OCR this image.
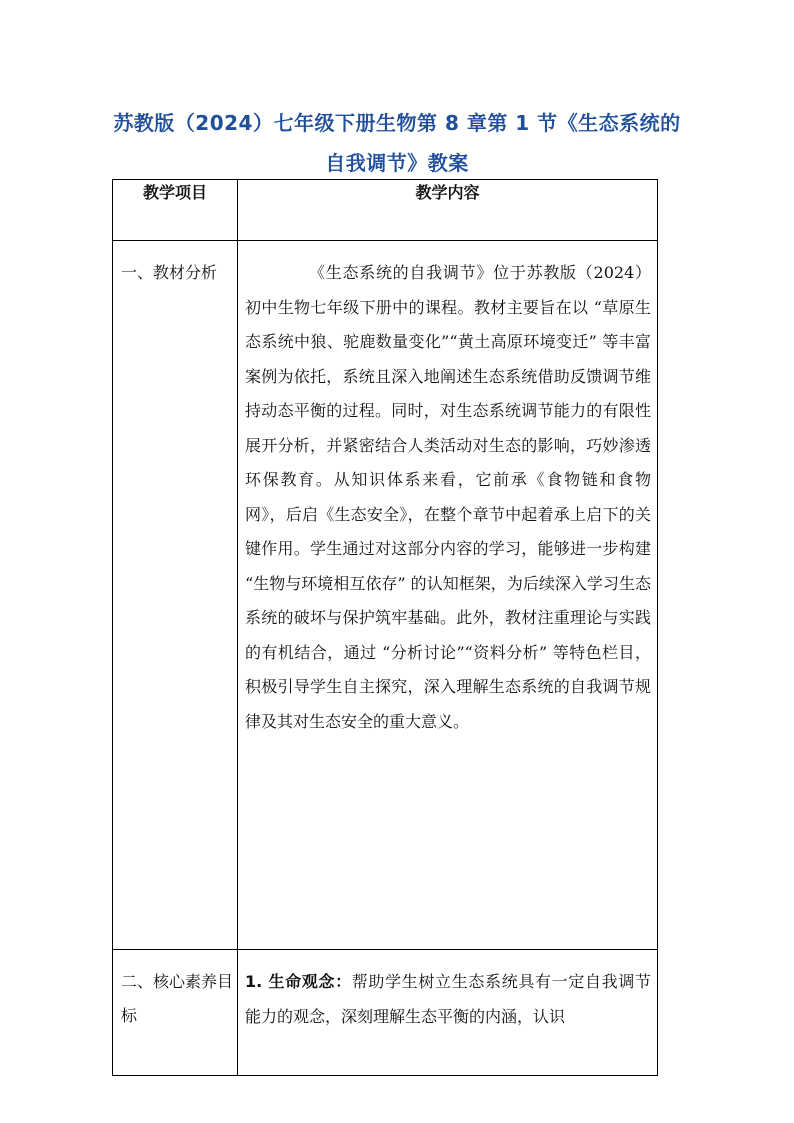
苏教版（2024）七年级下册生物第 8 章第 1 节《生态系统的自我调节》教案
教学项目	教学内容
一、教材分析	《生态系统的自我调节》位于苏教版（2024）初中生物七年级下册中的课程。教材主要旨在以 “草原生态系统中狼、驼鹿数量变化”“黄土高原环境变迁” 等丰富案例为依托，系统且深入地阐述生态系统借助反馈调节维持动态平衡的过程。同时，对生态系统调节能力的有限性展开分析，并紧密结合人类活动对生态的影响，巧妙渗透环保教育。从知识体系来看，它前承《食物链和食物网》，后启《生态安全》，在整个章节中起着承上启下的关键作用。学生通过对这部分内容的学习，能够进一步构建 “生物与环境相互依存” 的认知框架，为后续深入学习生态系统的破坏与保护筑牢基础。此外，教材注重理论与实践的有机结合，通过 “分析讨论”“资料分析” 等特色栏目，积极引导学生自主探究，深入理解生态系统的自我调节规律及其对生态安全的重大意义。

二、核心素养目标	1. 生命观念：帮助学生树立生态系统具有一定自我调节能力的观念，深刻理解生态平衡的内涵，认识
